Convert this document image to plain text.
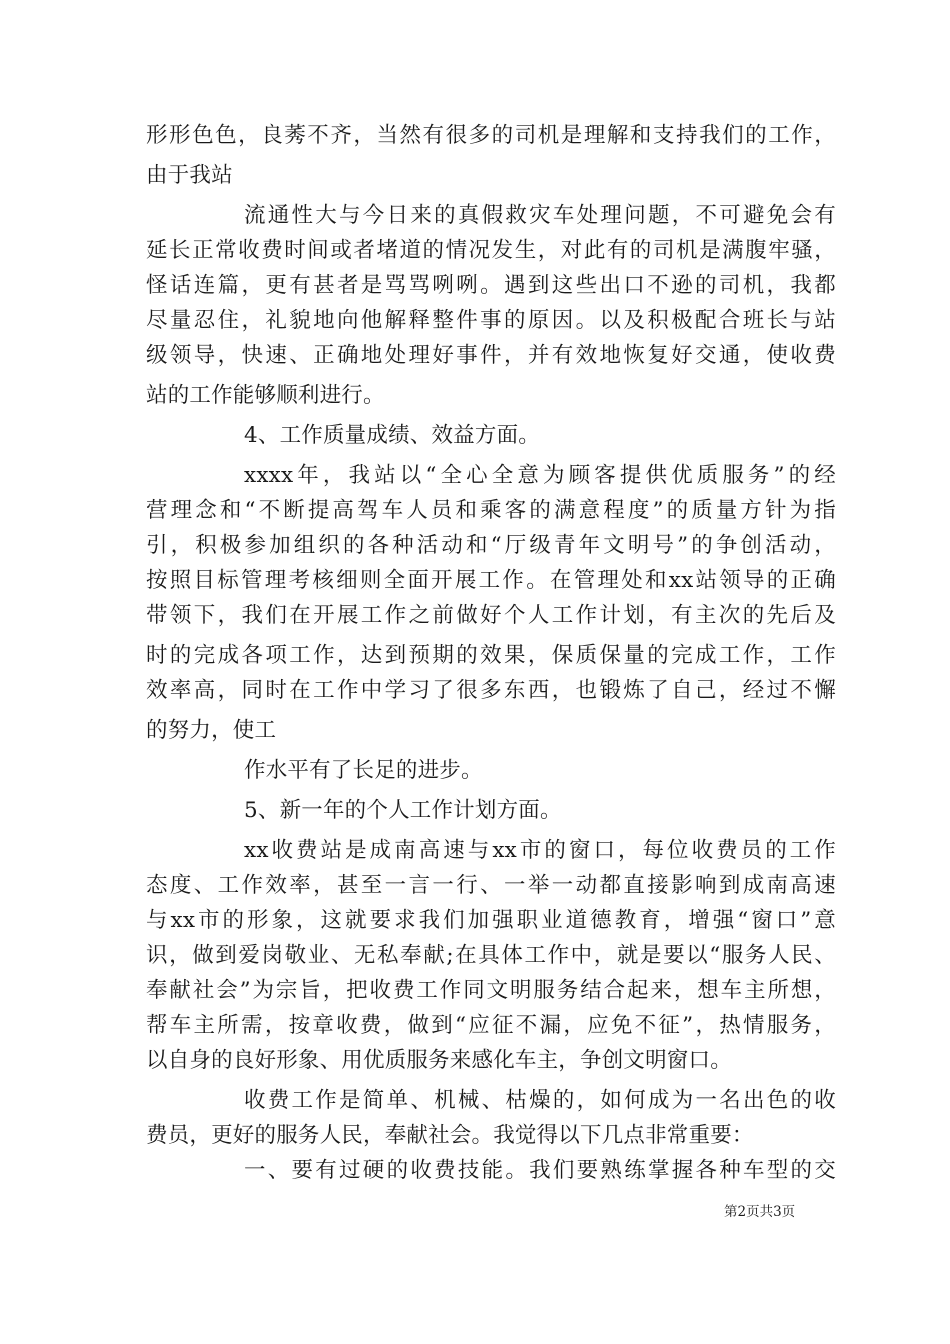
形形色色，良莠不齐，当然有很多的司机是理解和支持我们的工作，

由于我站

流通性大与今日来的真假救灾车处理问题，不可避免会有

延长正常收费时间或者堵道的情况发生，对此有的司机是满腹牢骚，

怪话连篇，更有甚者是骂骂咧咧。遇到这些出口不逊的司机，我都

尽量忍住，礼貌地向他解释整件事的原因。以及积极配合班长与站

级领导，快速、正确地处理好事件，并有效地恢复好交通，使收费

站的工作能够顺利进行。

4、工作质量成绩、效益方面。

xxxx年，我站以“全心全意为顾客提供优质服务”的经

营理念和“不断提高驾车人员和乘客的满意程度”的质量方针为指

引，积极参加组织的各种活动和“厅级青年文明号”的争创活动，

按照目标管理考核细则全面开展工作。在管理处和xx站领导的正确

带领下，我们在开展工作之前做好个人工作计划，有主次的先后及

时的完成各项工作，达到预期的效果，保质保量的完成工作，工作

效率高，同时在工作中学习了很多东西，也锻炼了自己，经过不懈

的努力，使工

作水平有了长足的进步。

5、新一年的个人工作计划方面。

xx收费站是成南高速与xx市的窗口，每位收费员的工作

态度、工作效率，甚至一言一行、一举一动都直接影响到成南高速

与xx市的形象，这就要求我们加强职业道德教育，增强“窗口”意

识，做到爱岗敬业、无私奉献;在具体工作中，就是要以“服务人民、

奉献社会”为宗旨，把收费工作同文明服务结合起来，想车主所想，

帮车主所需，按章收费，做到“应征不漏，应免不征”，热情服务，

以自身的良好形象、用优质服务来感化车主，争创文明窗口。

收费工作是简单、机械、枯燥的，如何成为一名出色的收

费员，更好的服务人民，奉献社会。我觉得以下几点非常重要：

一、要有过硬的收费技能。我们要熟练掌握各种车型的交

第2页共3页
